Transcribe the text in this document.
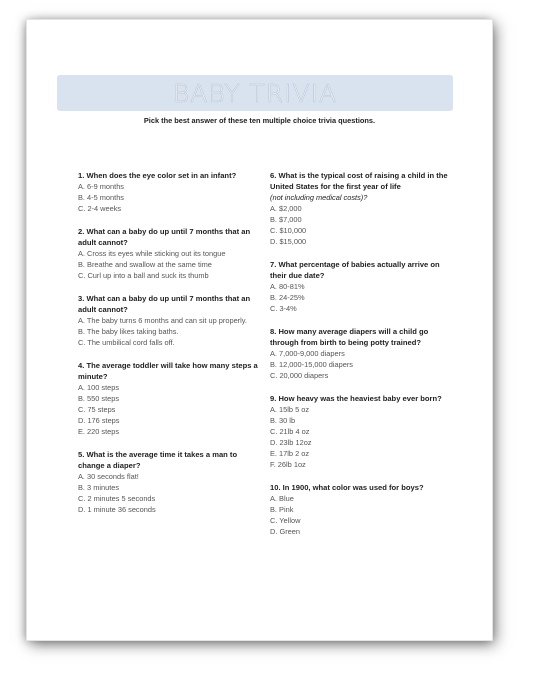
BABY TRIVIA
Pick the best answer of these ten multiple choice trivia questions.
1. When does the eye color set in an infant?
A. 6-9 months
B. 4-5 months
C. 2-4 weeks
2. What can a baby do up until 7 months that an adult cannot?
A. Cross its eyes while sticking out its tongue
B. Breathe and swallow at the same time
C. Curl up into a ball and suck its thumb
3. What can a baby do up until 7 months that an adult cannot?
A. The baby turns 6 months and can sit up properly.
B. The baby likes taking baths.
C. The umbilical cord falls off.
4. The average toddler will take how many steps a minute?
A. 100 steps
B. 550 steps
C. 75 steps
D. 176 steps
E. 220 steps
5. What is the average time it takes a man to change a diaper?
A. 30 seconds flat!
B. 3 minutes
C. 2 minutes 5 seconds
D. 1 minute 36 seconds
6. What is the typical cost of raising a child in the United States for the first year of life
(not including medical costs)?
A. $2,000
B. $7,000
C. $10,000
D. $15,000
7. What percentage of babies actually arrive on their due date?
A. 80-81%
B. 24-25%
C. 3-4%
8. How many average diapers will a child go through from birth to being potty trained?
A. 7,000-9,000 diapers
B. 12,000-15,000 diapers
C. 20,000 diapers
9. How heavy was the heaviest baby ever born?
A. 15lb 5 oz
B. 30 lb
C. 21lb 4 oz
D. 23lb 12oz
E. 17lb 2 oz
F. 26lb 1oz
10. In 1900, what color was used for boys?
A. Blue
B. Pink
C. Yellow
D. Green
